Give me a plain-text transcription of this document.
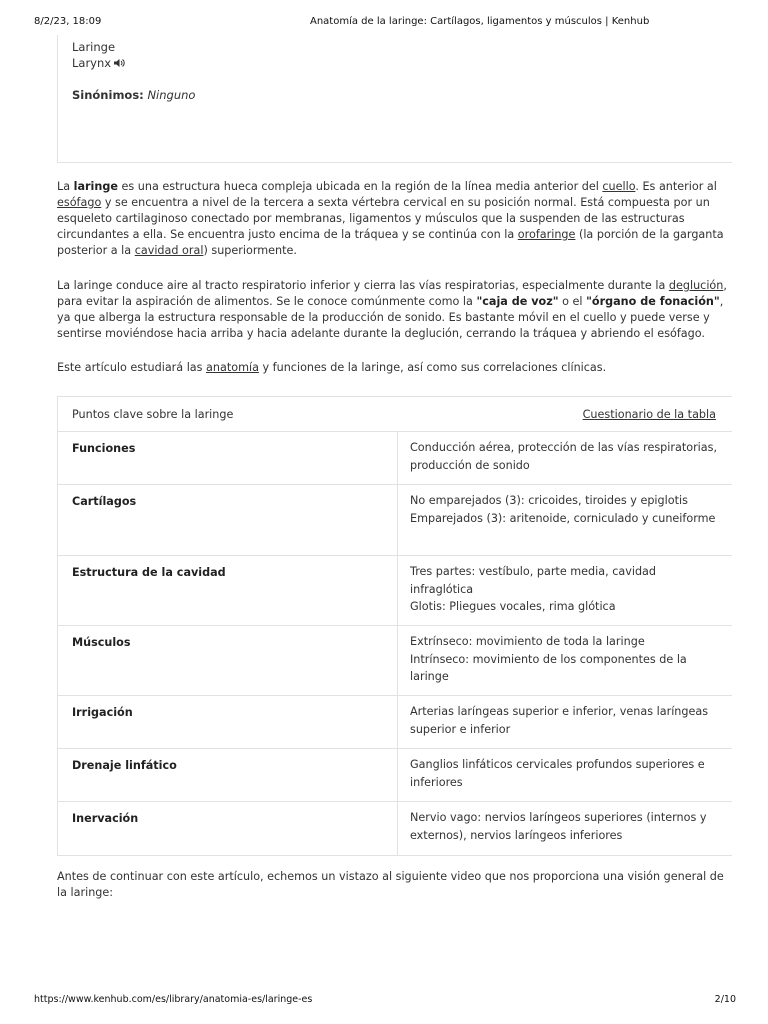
8/2/23, 18:09	Anatomía de la laringe: Cartílagos, ligamentos y músculos | Kenhub
Laringe
Larynx
Sinónimos: Ninguno
La laringe es una estructura hueca compleja ubicada en la región de la línea media anterior del cuello. Es anterior al esófago y se encuentra a nivel de la tercera a sexta vértebra cervical en su posición normal. Está compuesta por un esqueleto cartilaginoso conectado por membranas, ligamentos y músculos que la suspenden de las estructuras circundantes a ella. Se encuentra justo encima de la tráquea y se continúa con la orofaringe (la porción de la garganta posterior a la cavidad oral) superiormente.
La laringe conduce aire al tracto respiratorio inferior y cierra las vías respiratorias, especialmente durante la deglución, para evitar la aspiración de alimentos. Se le conoce comúnmente como la "caja de voz" o el "órgano de fonación", ya que alberga la estructura responsable de la producción de sonido. Es bastante móvil en el cuello y puede verse y sentirse moviéndose hacia arriba y hacia adelante durante la deglución, cerrando la tráquea y abriendo el esófago.
Este artículo estudiará las anatomía y funciones de la laringe, así como sus correlaciones clínicas.
Puntos clave sobre la laringe	Cuestionario de la tabla
Funciones	Conducción aérea, protección de las vías respiratorias, producción de sonido
Cartílagos	No emparejados (3): cricoides, tiroides y epiglotis
Emparejados (3): aritenoide, corniculado y cuneiforme
Estructura de la cavidad	Tres partes: vestíbulo, parte media, cavidad infraglótica
Glotis: Pliegues vocales, rima glótica
Músculos	Extrínseco: movimiento de toda la laringe
Intrínseco: movimiento de los componentes de la laringe
Irrigación	Arterias laríngeas superior e inferior, venas laríngeas superior e inferior
Drenaje linfático	Ganglios linfáticos cervicales profundos superiores e inferiores
Inervación	Nervio vago: nervios laríngeos superiores (internos y externos), nervios laríngeos inferiores
Antes de continuar con este artículo, echemos un vistazo al siguiente video que nos proporciona una visión general de la laringe:
https://www.kenhub.com/es/library/anatomia-es/laringe-es	2/10
